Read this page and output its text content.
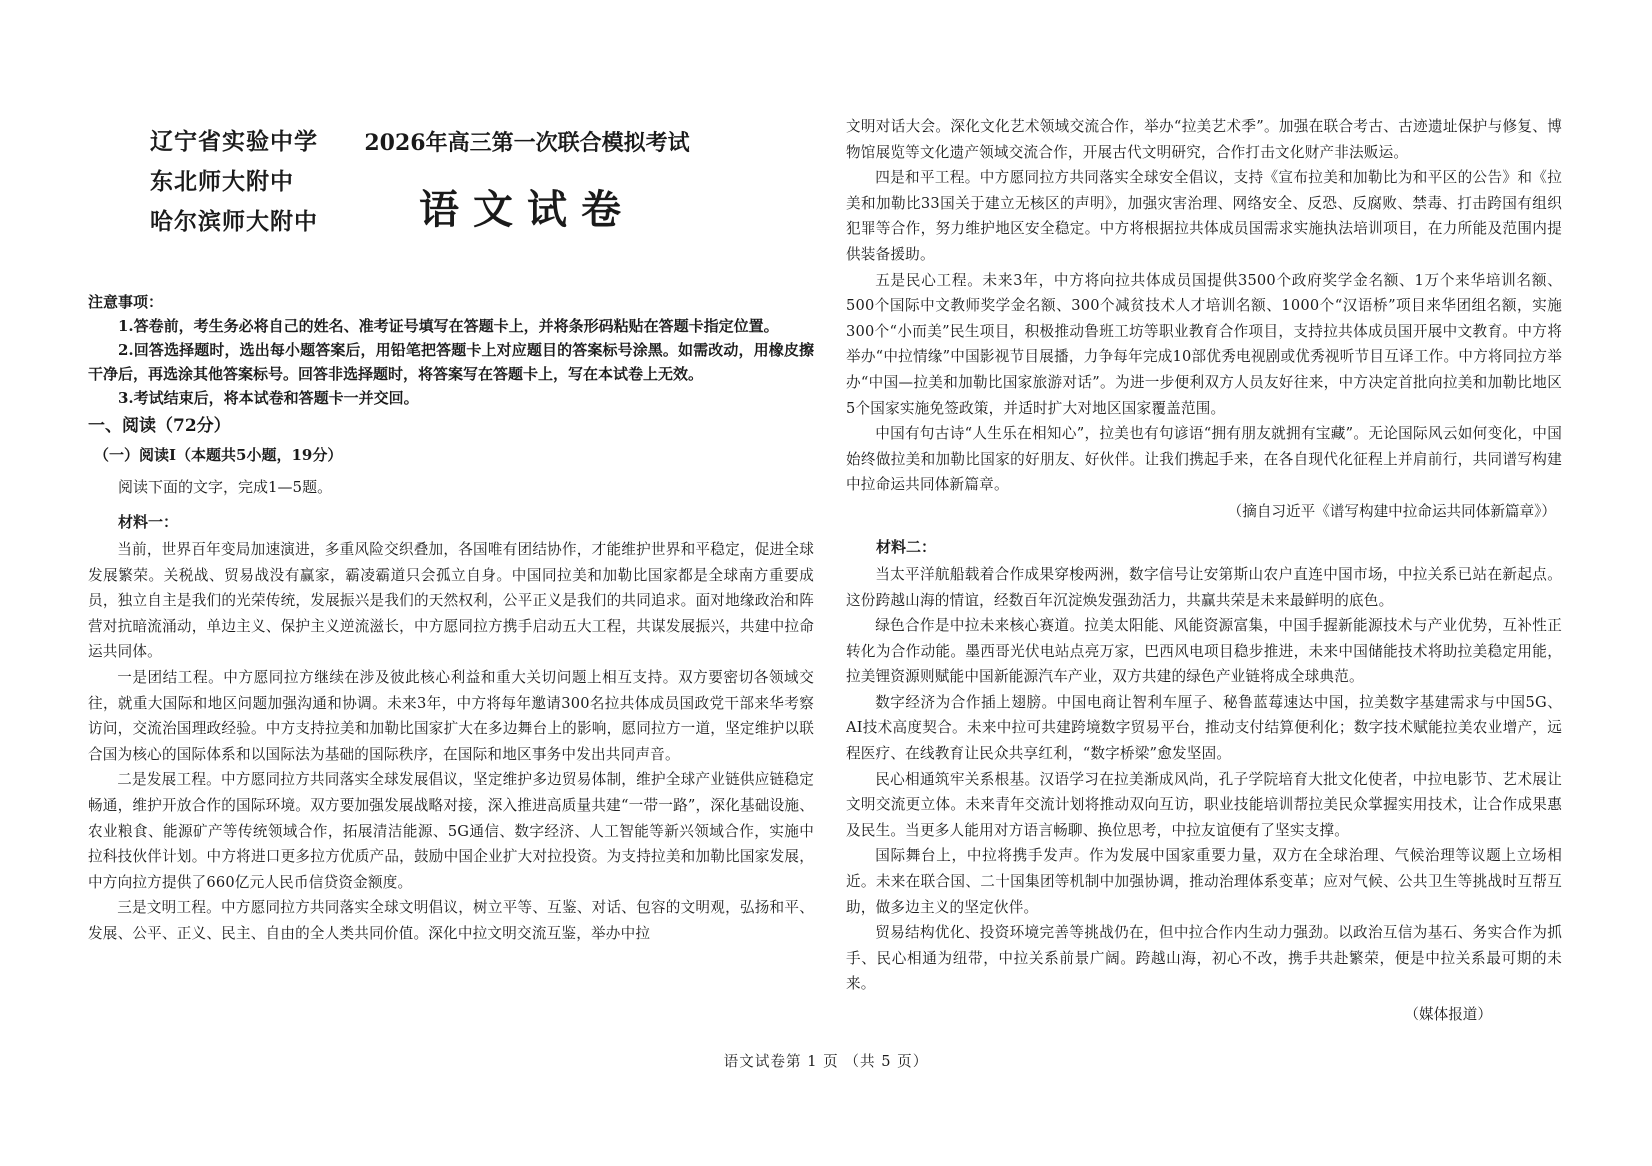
辽宁省实验中学
东北师大附中
哈尔滨师大附中
2026年高三第一次联合模拟考试
语文试卷
注意事项：

1.答卷前，考生务必将自己的姓名、准考证号填写在答题卡上，并将条形码粘贴在答题卡指定位置。

2.回答选择题时，选出每小题答案后，用铅笔把答题卡上对应题目的答案标号涂黑。如需改动，用橡皮擦干净后，再选涂其他答案标号。回答非选择题时，将答案写在答题卡上，写在本试卷上无效。

3.考试结束后，将本试卷和答题卡一并交回。

一、阅读（72分）
（一）阅读Ⅰ（本题共5小题，19分）
阅读下面的文字，完成1—5题。
材料一：

当前，世界百年变局加速演进，多重风险交织叠加，各国唯有团结协作，才能维护世界和平稳定，促进全球发展繁荣。关税战、贸易战没有赢家，霸凌霸道只会孤立自身。中国同拉美和加勒比国家都是全球南方重要成员，独立自主是我们的光荣传统，发展振兴是我们的天然权利，公平正义是我们的共同追求。面对地缘政治和阵营对抗暗流涌动，单边主义、保护主义逆流滋长，中方愿同拉方携手启动五大工程，共谋发展振兴，共建中拉命运共同体。

一是团结工程。中方愿同拉方继续在涉及彼此核心利益和重大关切问题上相互支持。双方要密切各领域交往，就重大国际和地区问题加强沟通和协调。未来3年，中方将每年邀请300名拉共体成员国政党干部来华考察访问，交流治国理政经验。中方支持拉美和加勒比国家扩大在多边舞台上的影响，愿同拉方一道，坚定维护以联合国为核心的国际体系和以国际法为基础的国际秩序，在国际和地区事务中发出共同声音。

二是发展工程。中方愿同拉方共同落实全球发展倡议，坚定维护多边贸易体制，维护全球产业链供应链稳定畅通，维护开放合作的国际环境。双方要加强发展战略对接，深入推进高质量共建“一带一路”，深化基础设施、农业粮食、能源矿产等传统领域合作，拓展清洁能源、5G通信、数字经济、人工智能等新兴领域合作，实施中拉科技伙伴计划。中方将进口更多拉方优质产品，鼓励中国企业扩大对拉投资。为支持拉美和加勒比国家发展，中方向拉方提供了660亿元人民币信贷资金额度。

三是文明工程。中方愿同拉方共同落实全球文明倡议，树立平等、互鉴、对话、包容的文明观，弘扬和平、发展、公平、正义、民主、自由的全人类共同价值。深化中拉文明交流互鉴，举办中拉

文明对话大会。深化文化艺术领域交流合作，举办“拉美艺术季”。加强在联合考古、古迹遗址保护与修复、博物馆展览等文化遗产领域交流合作，开展古代文明研究，合作打击文化财产非法贩运。

四是和平工程。中方愿同拉方共同落实全球安全倡议，支持《宣布拉美和加勒比为和平区的公告》和《拉美和加勒比33国关于建立无核区的声明》，加强灾害治理、网络安全、反恐、反腐败、禁毒、打击跨国有组织犯罪等合作，努力维护地区安全稳定。中方将根据拉共体成员国需求实施执法培训项目，在力所能及范围内提供装备援助。

五是民心工程。未来3年，中方将向拉共体成员国提供3500个政府奖学金名额、1万个来华培训名额、500个国际中文教师奖学金名额、300个减贫技术人才培训名额、1000个“汉语桥”项目来华团组名额，实施300个“小而美”民生项目，积极推动鲁班工坊等职业教育合作项目，支持拉共体成员国开展中文教育。中方将举办“中拉情缘”中国影视节目展播，力争每年完成10部优秀电视剧或优秀视听节目互译工作。中方将同拉方举办“中国—拉美和加勒比国家旅游对话”。为进一步便利双方人员友好往来，中方决定首批向拉美和加勒比地区5个国家实施免签政策，并适时扩大对地区国家覆盖范围。

中国有句古诗“人生乐在相知心”，拉美也有句谚语“拥有朋友就拥有宝藏”。无论国际风云如何变化，中国始终做拉美和加勒比国家的好朋友、好伙伴。让我们携起手来，在各自现代化征程上并肩前行，共同谱写构建中拉命运共同体新篇章。

（摘自习近平《谱写构建中拉命运共同体新篇章》）

材料二：

当太平洋航船载着合作成果穿梭两洲，数字信号让安第斯山农户直连中国市场，中拉关系已站在新起点。这份跨越山海的情谊，经数百年沉淀焕发强劲活力，共赢共荣是未来最鲜明的底色。

绿色合作是中拉未来核心赛道。拉美太阳能、风能资源富集，中国手握新能源技术与产业优势，互补性正转化为合作动能。墨西哥光伏电站点亮万家，巴西风电项目稳步推进，未来中国储能技术将助拉美稳定用能，拉美锂资源则赋能中国新能源汽车产业，双方共建的绿色产业链将成全球典范。

数字经济为合作插上翅膀。中国电商让智利车厘子、秘鲁蓝莓速达中国，拉美数字基建需求与中国5G、AI技术高度契合。未来中拉可共建跨境数字贸易平台，推动支付结算便利化；数字技术赋能拉美农业增产，远程医疗、在线教育让民众共享红利，“数字桥梁”愈发坚固。

民心相通筑牢关系根基。汉语学习在拉美渐成风尚，孔子学院培育大批文化使者，中拉电影节、艺术展让文明交流更立体。未来青年交流计划将推动双向互访，职业技能培训帮拉美民众掌握实用技术，让合作成果惠及民生。当更多人能用对方语言畅聊、换位思考，中拉友谊便有了坚实支撑。

国际舞台上，中拉将携手发声。作为发展中国家重要力量，双方在全球治理、气候治理等议题上立场相近。未来在联合国、二十国集团等机制中加强协调，推动治理体系变革；应对气候、公共卫生等挑战时互帮互助，做多边主义的坚定伙伴。

贸易结构优化、投资环境完善等挑战仍在，但中拉合作内生动力强劲。以政治互信为基石、务实合作为抓手、民心相通为纽带，中拉关系前景广阔。跨越山海，初心不改，携手共赴繁荣，便是中拉关系最可期的未来。

（媒体报道）

语文试卷第 1 页 （共 5 页）
